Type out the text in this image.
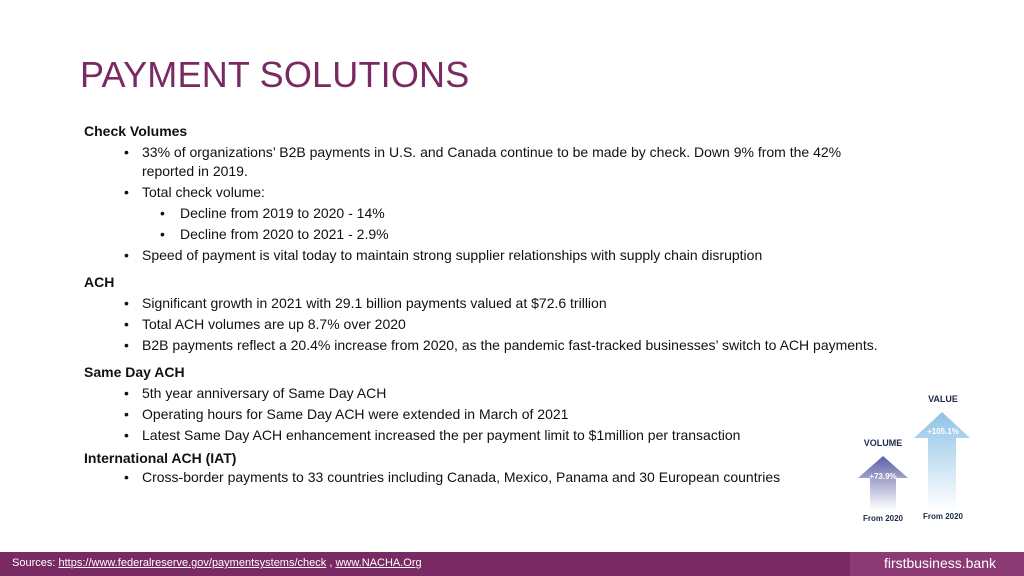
PAYMENT SOLUTIONS

Check Volumes

• 33% of organizations’ B2B payments in U.S. and Canada continue to be made by check. Down 9% from the 42% reported in 2019.
• Total check volume:
• Decline from 2019 to 2020 - 14%
• Decline from 2020 to 2021 - 2.9%
• Speed of payment is vital today to maintain strong supplier relationships with supply chain disruption

ACH

• Significant growth in 2021 with 29.1 billion payments valued at $72.6 trillion
• Total ACH volumes are up 8.7% over 2020
• B2B payments reflect a 20.4% increase from 2020, as the pandemic fast-tracked businesses’ switch to ACH payments.

Same Day ACH

• 5th year anniversary of Same Day ACH
• Operating hours for Same Day ACH were extended in March of 2021
• Latest Same Day ACH enhancement increased the per payment limit to $1million per transaction

International ACH (IAT)

• Cross-border payments to 33 countries including Canada, Mexico, Panama and 30 European countries
VALUE
+105.1%
VOLUME
+73.9%
From 2020	From 2020
Sources: https://www.federalreserve.gov/paymentsystems/check , www.NACHA.Org	firstbusiness.bank
